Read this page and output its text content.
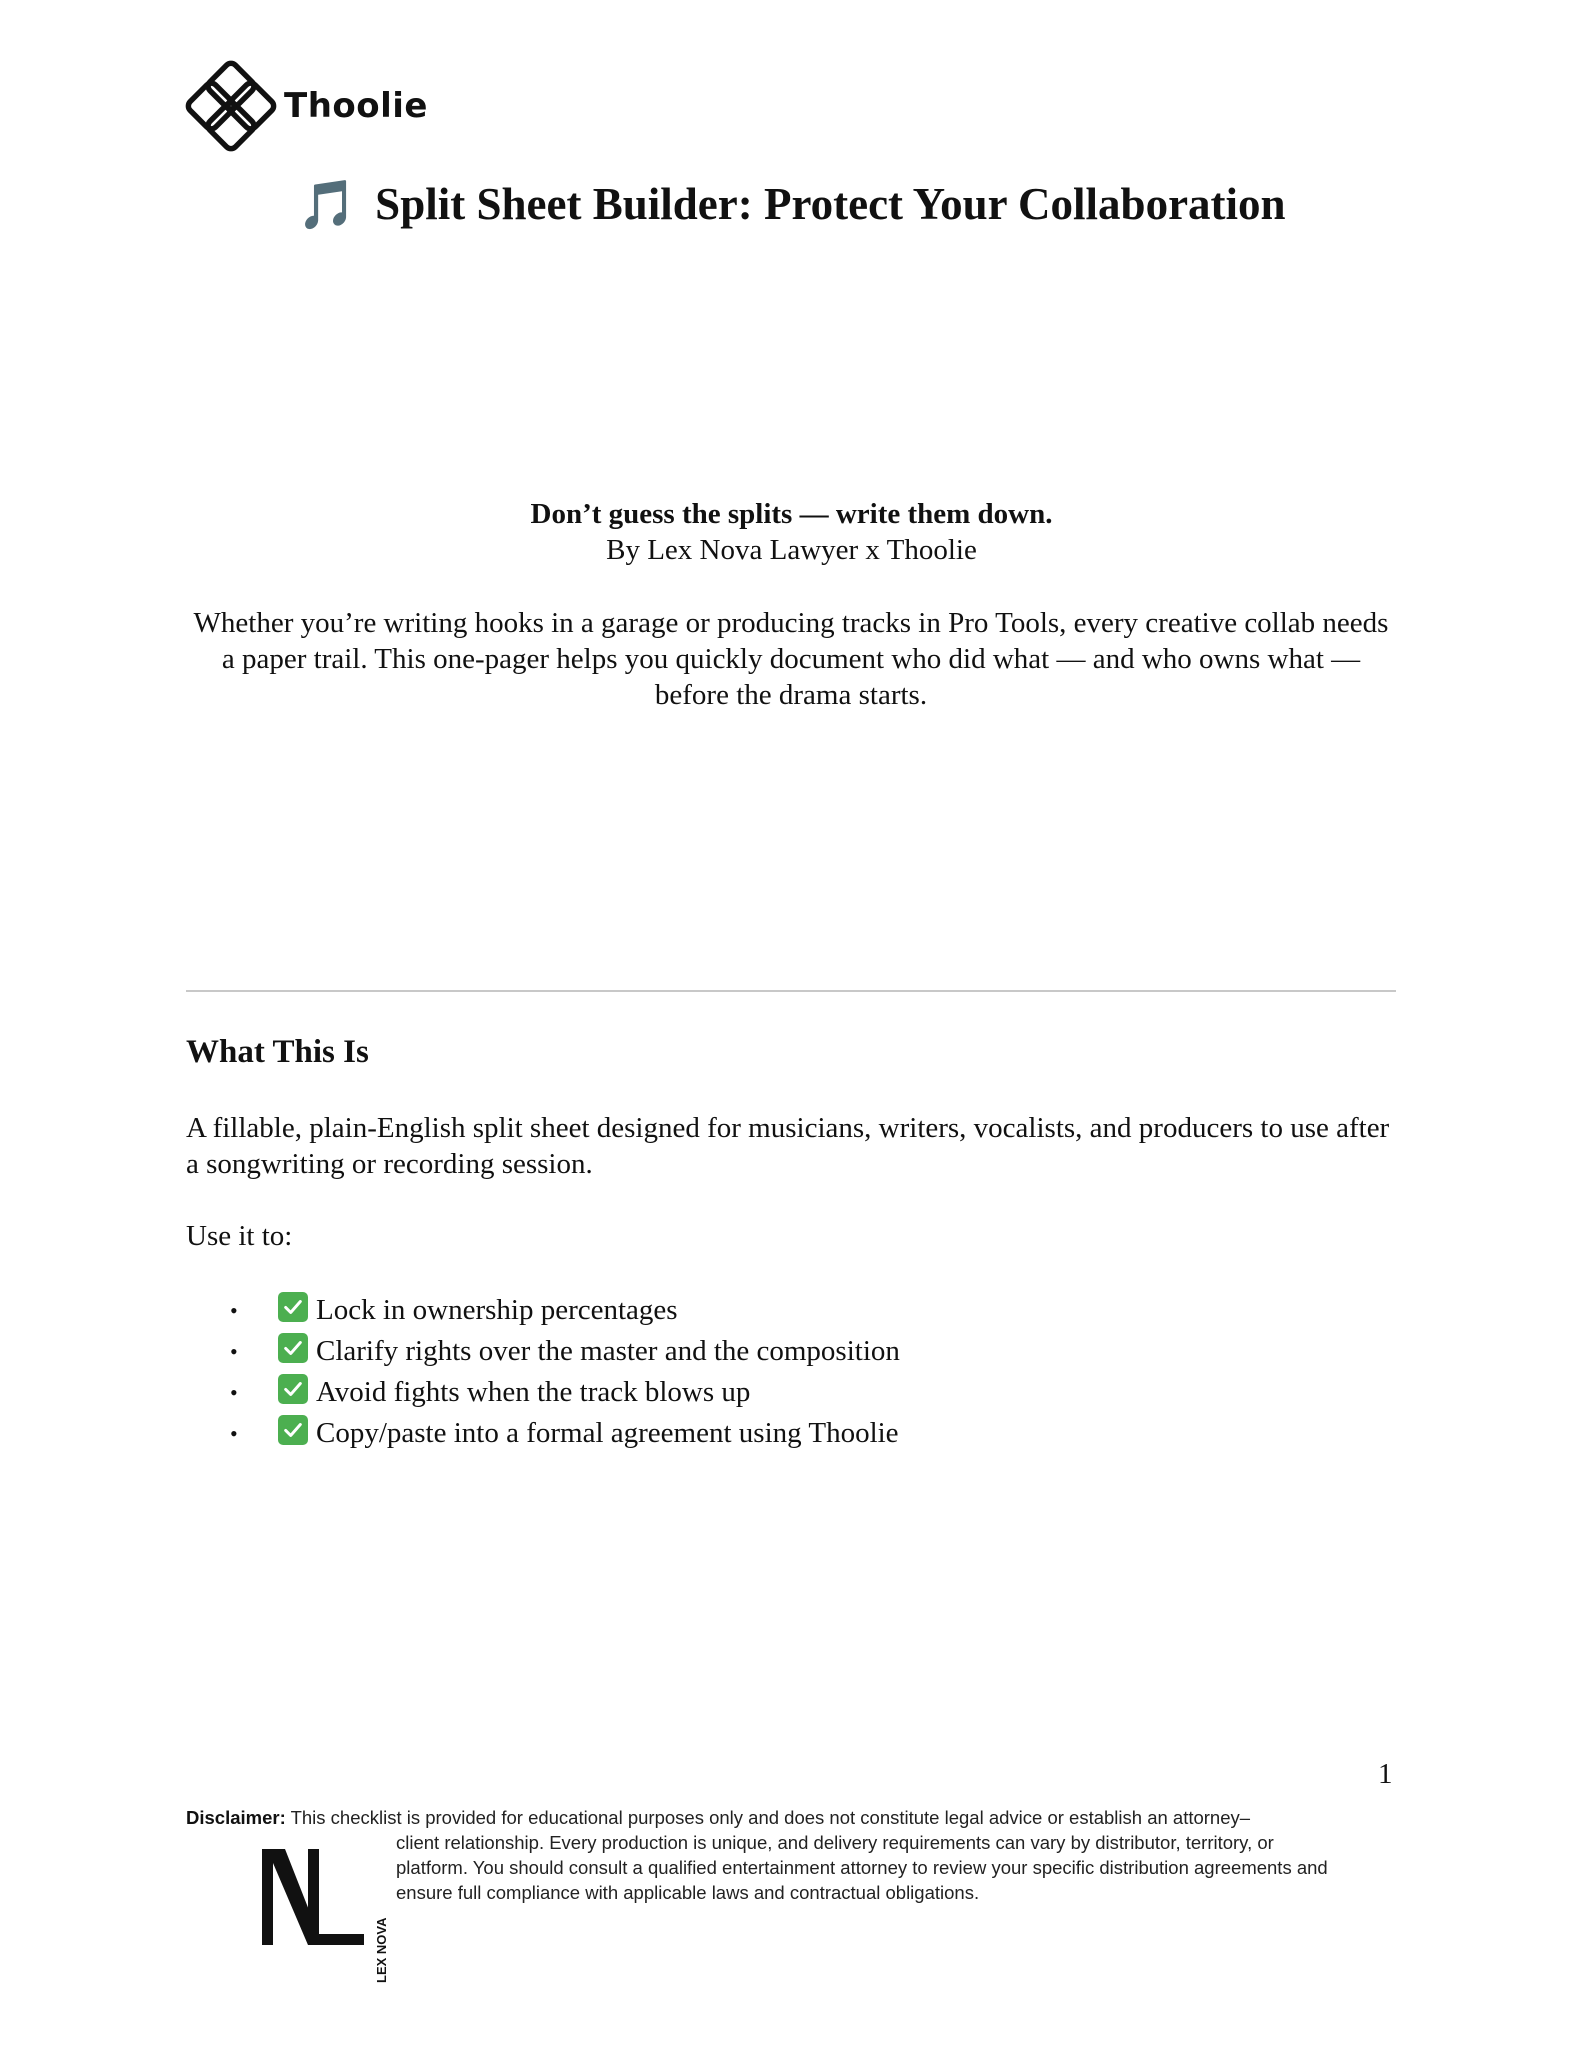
Thoolie
🎵 Split Sheet Builder: Protect Your Collaboration
Don’t guess the splits — write them down.
By Lex Nova Lawyer x Thoolie

Whether you’re writing hooks in a garage or producing tracks in Pro Tools, every creative collab needs a paper trail. This one-pager helps you quickly document who did what — and who owns what — before the drama starts.

What This Is

A fillable, plain-English split sheet designed for musicians, writers, vocalists, and producers to use after a songwriting or recording session.

Use it to:

•	Lock in ownership percentages
•	Clarify rights over the master and the composition
•	Avoid fights when the track blows up
•	Copy/paste into a formal agreement using Thoolie
1
Disclaimer: This checklist is provided for educational purposes only and does not constitute legal advice or establish an attorney–
client relationship. Every production is unique, and delivery requirements can vary by distributor, territory, or platform. You should consult a qualified entertainment attorney to review your specific distribution agreements and ensure full compliance with applicable laws and contractual obligations.
LEX NOVA
